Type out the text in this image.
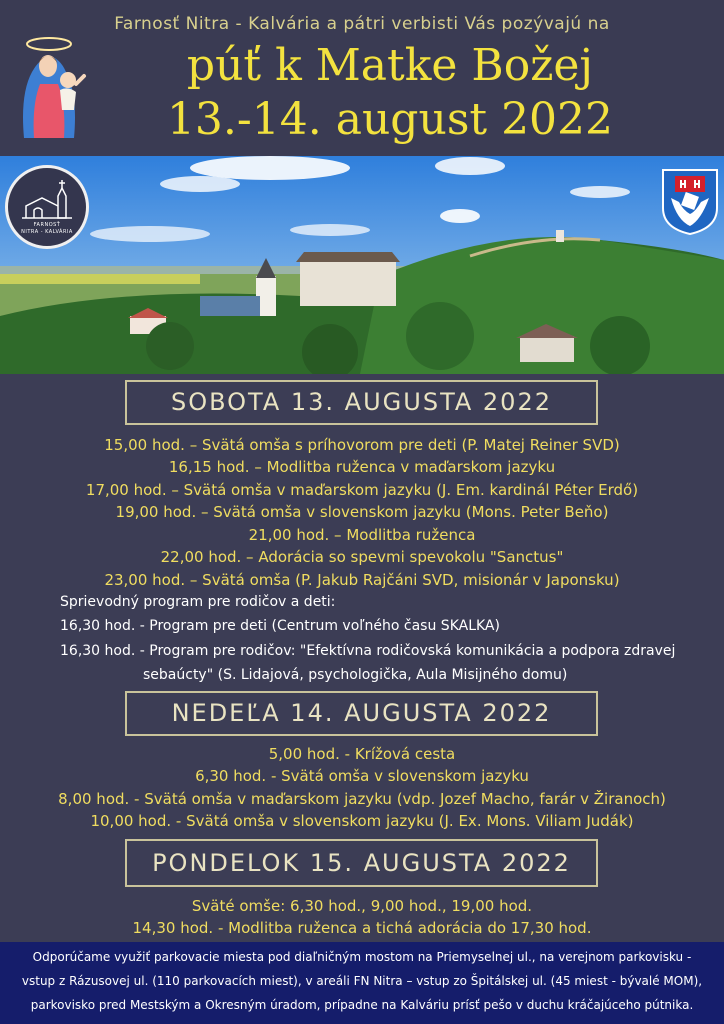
Farnosť Nitra - Kalvária a pátri verbisti Vás pozývajú na
púť k Matke Božej
13.-14. august 2022
FARNOSŤ
NITRA - KALVÁRIA
SOBOTA 13. AUGUSTA 2022
15,00 hod. – Svätá omša s príhovorom pre deti (P. Matej Reiner SVD)
16,15 hod. – Modlitba ruženca v maďarskom jazyku
17,00 hod. – Svätá omša v maďarskom jazyku (J. Em. kardinál Péter Erdő)
19,00 hod. – Svätá omša v slovenskom jazyku (Mons. Peter Beňo)
21,00 hod. – Modlitba ruženca
22,00 hod. – Adorácia so spevmi spevokolu "Sanctus"
23,00 hod. – Svätá omša (P. Jakub Rajčáni SVD, misionár v Japonsku)
Sprievodný program pre rodičov a deti:
16,30 hod. - Program pre deti (Centrum voľného času SKALKA)
16,30 hod. - Program pre rodičov: "Efektívna rodičovská komunikácia a podpora zdravej
sebaúcty" (S. Lidajová, psychologička, Aula Misijného domu)
NEDEĽA 14. AUGUSTA 2022
5,00 hod. - Krížová cesta
6,30 hod. - Svätá omša v slovenskom jazyku
8,00 hod. - Svätá omša v maďarskom jazyku (vdp. Jozef Macho, farár v Žiranoch)
10,00 hod. - Svätá omša v slovenskom jazyku (J. Ex. Mons. Viliam Judák)
PONDELOK 15. AUGUSTA 2022
Sväté omše: 6,30 hod., 9,00 hod., 19,00 hod.
14,30 hod. - Modlitba ruženca a tichá adorácia do 17,30 hod.
Odporúčame využiť parkovacie miesta pod diaľničným mostom na Priemyselnej ul., na verejnom parkovisku -
vstup z Rázusovej ul. (110 parkovacích miest), v areáli FN Nitra – vstup zo Špitálskej ul. (45 miest - bývalé MOM),
parkovisko pred Mestským a Okresným úradom, prípadne na Kalváriu prísť pešo v duchu kráčajúceho pútnika.
